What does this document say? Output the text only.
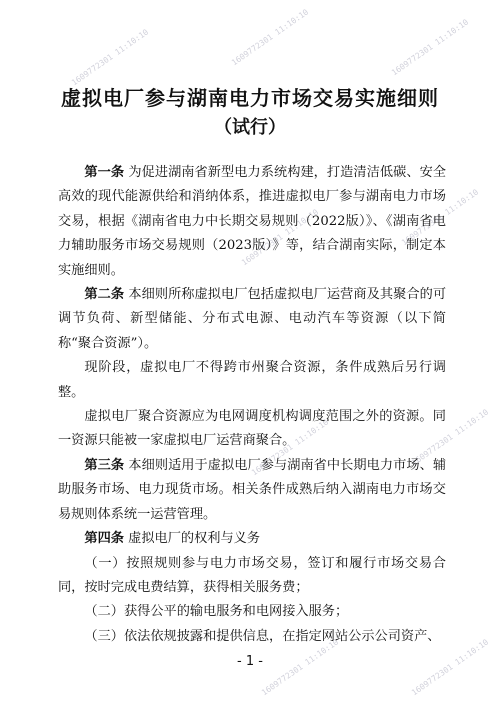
1609772301 11:10:10	1609772301 11:10:10	1609772301 11:10:10
1609772301 11:10:10	1609772301 11:10:10
1609772301 11:10:10	1609772301 11:10:10
1609772301 11:10:10	1609772301 11:10:10
虚拟电厂参与湖南电力市场交易实施细则
（试行）

第一条 为促进湖南省新型电力系统构建，打造清洁低碳、安全高效的现代能源供给和消纳体系，推进虚拟电厂参与湖南电力市场交易，根据《湖南省电力中长期交易规则（2022版）》、《湖南省电力辅助服务市场交易规则（2023版）》等，结合湖南实际，制定本实施细则。

第二条 本细则所称虚拟电厂包括虚拟电厂运营商及其聚合的可调节负荷、新型储能、分布式电源、电动汽车等资源（以下简称“聚合资源”）。

现阶段，虚拟电厂不得跨市州聚合资源，条件成熟后另行调整。

虚拟电厂聚合资源应为电网调度机构调度范围之外的资源。同一资源只能被一家虚拟电厂运营商聚合。

第三条 本细则适用于虚拟电厂参与湖南省中长期电力市场、辅助服务市场、电力现货市场。相关条件成熟后纳入湖南电力市场交易规则体系统一运营管理。

第四条 虚拟电厂的权利与义务

（一）按照规则参与电力市场交易，签订和履行市场交易合同，按时完成电费结算，获得相关服务费；

（二）获得公平的输电服务和电网接入服务；

（三）依法依规披露和提供信息，在指定网站公示公司资产、

- 1 -
